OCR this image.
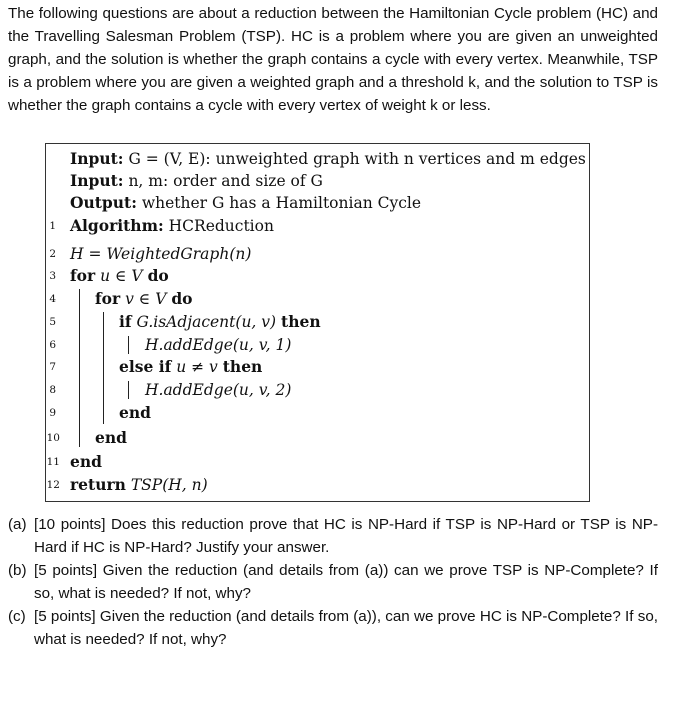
The following questions are about a reduction between the Hamiltonian Cycle problem (HC) and the Travelling Salesman Problem (TSP). HC is a problem where you are given an unweighted graph, and the solution is whether the graph contains a cycle with every vertex. Meanwhile, TSP is a problem where you are given a weighted graph and a threshold k, and the solution to TSP is whether the graph contains a cycle with every vertex of weight k or less.
Input: G = (V, E): unweighted graph with n vertices and m edges
Input: n, m: order and size of G
Output: whether G has a Hamiltonian Cycle
1 Algorithm: HCReduction
2 H = WeightedGraph(n)
3 for u ∈ V do
4	for v ∈ V do
5	if G.isAdjacent(u, v) then
6	H.addEdge(u, v, 1)
7	else if u ≠ v then
8	H.addEdge(u, v, 2)
9	end
10 end
11 end
12 return TSP(H, n)
(a) [10 points] Does this reduction prove that HC is NP-Hard if TSP is NP-Hard or TSP is NP-Hard if HC is NP-Hard? Justify your answer.
(b) [5 points] Given the reduction (and details from (a)) can we prove TSP is NP-Complete? If so, what is needed? If not, why?
(c) [5 points] Given the reduction (and details from (a)), can we prove HC is NP-Complete? If so, what is needed? If not, why?
